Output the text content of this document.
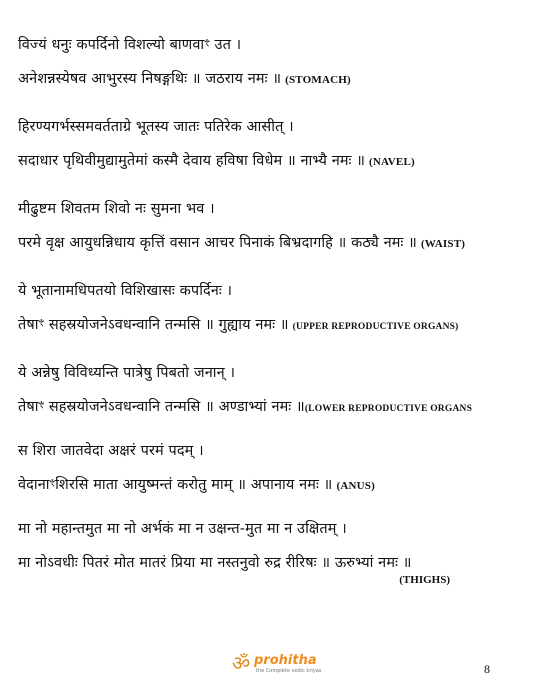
विज्यं धनुः कपर्दिनो विशल्यो बाणवाꣳ उत ।

अनेशन्नस्येषव आभुरस्य निषङ्गथिः ॥ जठराय नमः ॥ (STOMACH)

हिरण्यगर्भस्समवर्तताग्रे भूतस्य जातः पतिरेक आसीत् ।

सदाधार पृथिवीमुद्यामुतेमां कस्मै देवाय हविषा विधेम ॥ नाभ्यै नमः ॥ (NAVEL)

मीढुष्टम शिवतम शिवो नः सुमना भव ।

परमे वृक्ष आयुधन्निधाय कृत्तिं वसान आचर पिनाकं बिभ्रदागहि ॥ कठ्यै नमः ॥ (WAIST)

ये भूतानामधिपतयो विशिखासः कपर्दिनः ।

तेषाꣳ सहस्रयोजनेऽवधन्वानि तन्मसि ॥ गुह्याय नमः ॥ (UPPER REPRODUCTIVE ORGANS)

ये अन्नेषु विविध्यन्ति पात्रेषु पिबतो जनान् ।

तेषाꣳ सहस्रयोजनेऽवधन्वानि तन्मसि ॥ अण्डाभ्यां नमः ॥(LOWER REPRODUCTIVE ORGANS

स शिरा जातवेदा अक्षरं परमं पदम् ।

वेदानाꣳशिरसि माता आयुष्मन्तं करोतु माम् ॥ अपानाय नमः ॥ (ANUS)

मा नो महान्तमुत मा नो अर्भकं मा न उक्षन्त-मुत मा न उक्षितम् ।

मा नोऽवधीः पितरं मोत मातरं प्रिया मा नस्तनुवो रुद्र रीरिषः ॥ ऊरुभ्यां नमः ॥

(THIGHS)
ॐ prohitha
the Complete vedic kriyas	8
